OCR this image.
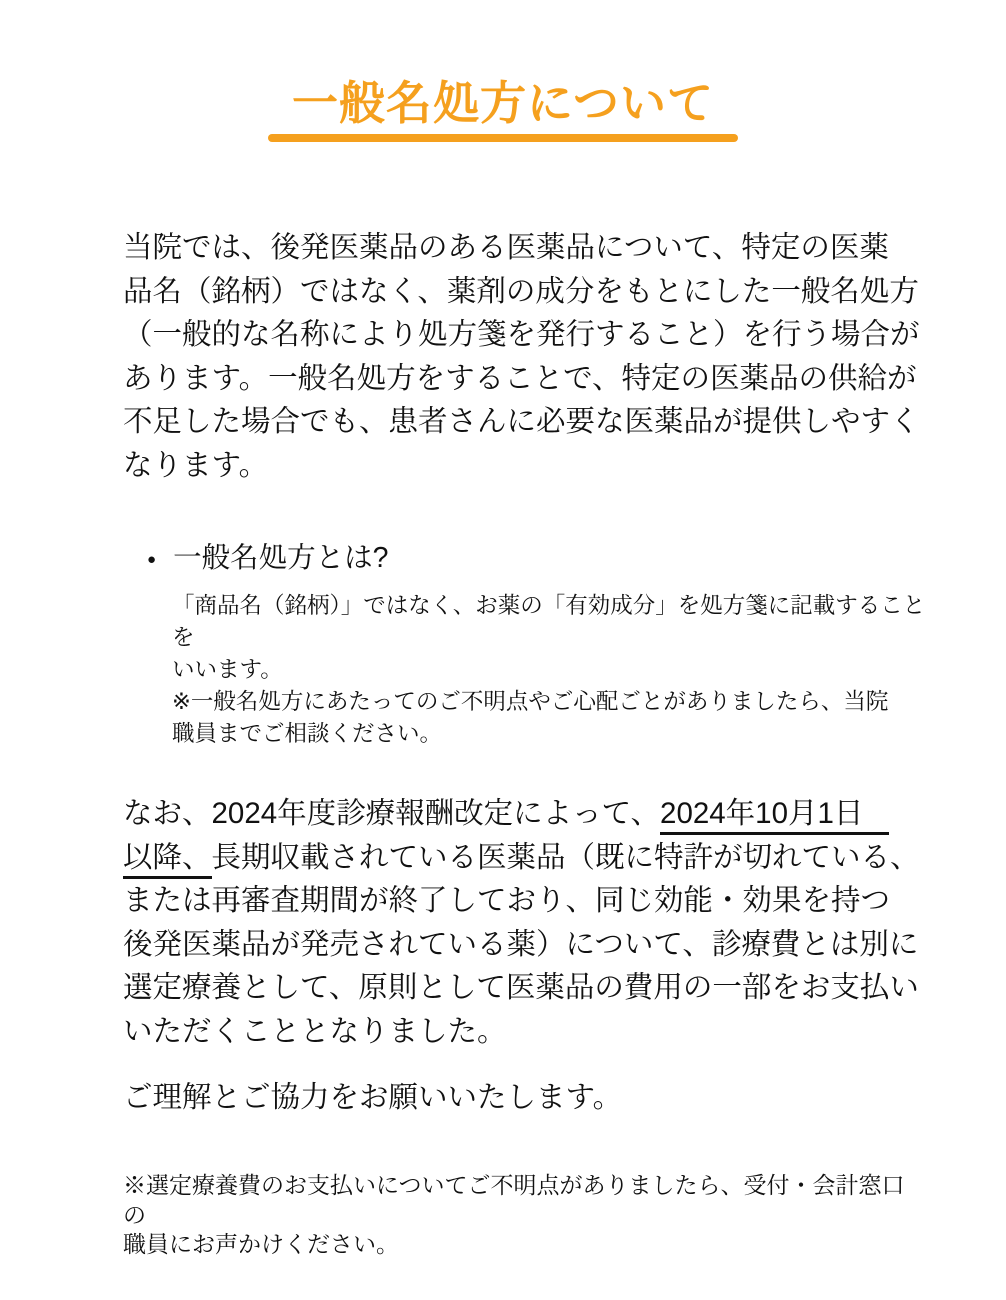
一般名処方について

当院では、後発医薬品のある医薬品について、特定の医薬
品名（銘柄）ではなく、薬剤の成分をもとにした一般名処方
（一般的な名称により処方箋を発行すること）を行う場合が
あります。一般名処方をすることで、特定の医薬品の供給が
不足した場合でも、患者さんに必要な医薬品が提供しやすく
なります。

● 一般名処方とは?

「商品名（銘柄）」ではなく、お薬の「有効成分」を処方箋に記載することを
いいます。
※一般名処方にあたってのご不明点やご心配ごとがありましたら、当院
職員までご相談ください。

なお、2024年度診療報酬改定によって、2024年10月1日
以降、長期収載されている医薬品（既に特許が切れている、
または再審査期間が終了しており、同じ効能・効果を持つ
後発医薬品が発売されている薬）について、診療費とは別に
選定療養として、原則として医薬品の費用の一部をお支払い
いただくこととなりました。

ご理解とご協力をお願いいたします。

※選定療養費のお支払いについてご不明点がありましたら、受付・会計窓口の
職員にお声かけください。
